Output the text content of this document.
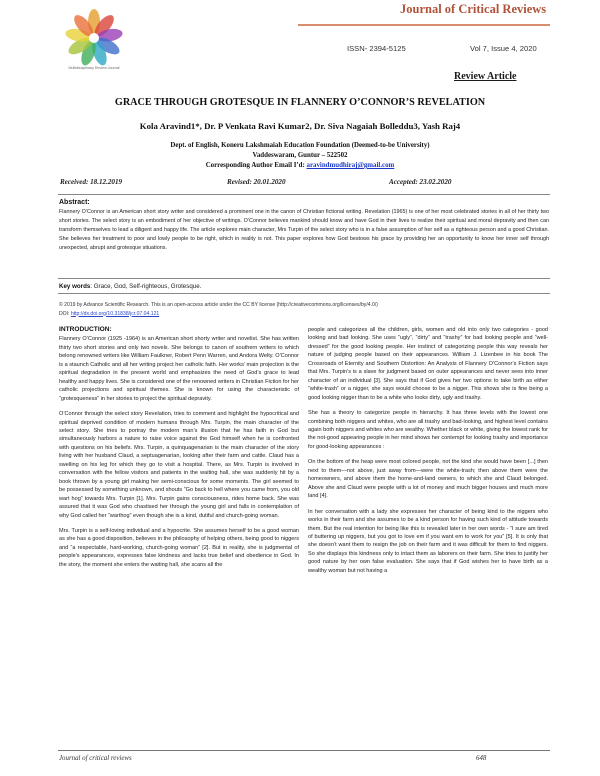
Multidisciplinary Review Journal
Journal of Critical Reviews
ISSN- 2394-5125	Vol 7, Issue 4, 2020
Review Article
GRACE THROUGH GROTESQUE IN FLANNERY O’CONNOR’S REVELATION
Kola Aravind1*, Dr. P Venkata Ravi Kumar2, Dr. Siva Nagaiah Bolleddu3, Yash Raj4
Dept. of English, Koneru Lakshmaiah Education Foundation (Deemed-to-be University)
Vaddeswaram, Guntur – 522502
Corresponding Author Email I’d: aravindmudhiraj@gmail.com
Received: 18.12.2019	Revised: 20.01.2020	Accepted: 23.02.2020
Abstract:
Flannery O’Connor is an American short story writer and considered a prominent one in the canon of Christian fictional writing. Revelation (1965) is one of her most celebrated stories in all of her thirty two short stories. The select story is an embodiment of her objective of writings. O’Connor believes mankind should know and have God in their lives to realize their spiritual and moral depravity and then can transform themselves to lead a diligent and happy life. The article explores main character, Mrs Turpin of the select story who is in a false assumption of her self as a righteous person and a good Christian. She believes her treatment to poor and lowly people to be right, which in reality is not. This paper explores how God bestows his grace by providing her an opportunity to know her inner self through unexpected, abrupt and grotesque situations.
Key words: Grace, God, Self-righteous, Grotesque.
© 2019 by Advance Scientific Research. This is an open-access article under the CC BY license (http://creativecommons.org/licenses/by/4.0/)
DOI: http://dx.doi.org/10.31838/jcr.07.04.121
INTRODUCTION:

Flannery O’Connor (1925 -1964) is an American short shorty writer and novelist. She has written thirty two short stories and only two novels. She belongs to canon of southern writers to which belong renowned writers like William Faulkner, Robert Penn Warren, and Andora Welty. O’Connor is a staunch Catholic and all her writing project her catholic faith. Her works’ main projection is the spiritual degradation in the present world and emphasizes the need of God’s grace to lead healthy and happy lives. She is considered one of the renowned writers in Christian Fiction for her catholic projections and spiritual themes. She is known for using the characteristic of “grotesqueness” in her stories to project the spiritual depravity.

O’Connor through the select story Revelation, tries to comment and highlight the hypocritical and spiritual deprived condition of modern humans through Mrs. Turpin, the main character of the select story. She tries to portray the modern man’s illusion that he has faith in God but simultaneously harbors a nature to raise voice against the God himself when he is confronted with questions on his beliefs. Mrs. Turpin, a quinquagenarian is the main character of the story living with her husband Claud, a septuagenarian, looking after their farm and cattle. Claud has a swelling on his leg for which they go to visit a hospital. There, as Mrs. Turpin is involved in conversation with the fellow visitors and patients in the waiting hall, she was suddenly hit by a book thrown by a young girl making her semi-conscious for some moments. The girl seemed to be possessed by something unknown, and shouts “Go back to hell where you came from, you old wart hog” towards Mrs. Turpin [1]. Mrs. Turpin gains consciousness, rides home back. She was assured that it was God who chastised her through the young girl and falls in contemplation of why God called her “warthog” even though she is a kind, dutiful and church-going woman.

Mrs. Turpin is a self-loving individual and a hypocrite. She assumes herself to be a good woman as she has a good disposition, believes in the philosophy of helping others, being good to niggers and “a respectable, hard-working, church-going woman” [2]. But in reality, she is judgmental of people’s appearances, expresses false kindness and lacks true belief and obedience in God. In the story, the moment she enters the waiting hall, she scans all the

people and categorizes all the children, girls, women and old into only two categories - good looking and bad looking. She uses “ugly”, “dirty” and “trashy” for bad looking people and “well-dressed” for the good looking people. Her instinct of categorizing people this way reveals her nature of judging people based on their appearances. William J. Lizenbee in his book The Crossroads of Eternity and Southern Distortion: An Analysis of Flannery O’Connor’s Fiction says that Mrs. Turpin’s is a slave for judgment based on outer appearances and never sees into inner character of an individual [3]. She says that if God gives her two options to take birth as either “white-trash” or a nigger, she says would choose to be a nigger. This shows she is fine being a good looking nigger than to be a white who looks dirty, ugly and trashy.

She has a theory to categorize people in hierarchy. It has three levels with the lowest one combining both niggers and whites, who are all trashy and bad-looking, and highest level contains again both niggers and whites who are wealthy. Whether black or white, giving the lowest rank for the not-good appearing people in her mind shows her contempt for looking trashy and importance for good-looking appearances :

On the bottom of the heap were most colored people, not the kind she would have been [...] then next to them—not above, just away from—were the white-trash; then above them were the homeowners, and above them the home-and-land owners, to which she and Claud belonged. Above she and Claud were people with a lot of money and much bigger houses and much more land [4].

In her conversation with a lady she expresses her character of being kind to the niggers who works in their farm and she assumes to be a kind person for having such kind of attitude towards them. But the real intention for being like this is revealed later in her own words - “I sure am tired of buttering up niggers, but you got to love em if you want em to work for you” [5]. It is only that she doesn’t want them to resign the job on their farm and it was difficult for them to find niggers. So she displays this kindness only to intact them as laborers on their farm. She tries to justify her good nature by her own false evaluation. She says that if God wishes her to have birth as a wealthy woman but not having a

Journal of critical reviews	648
